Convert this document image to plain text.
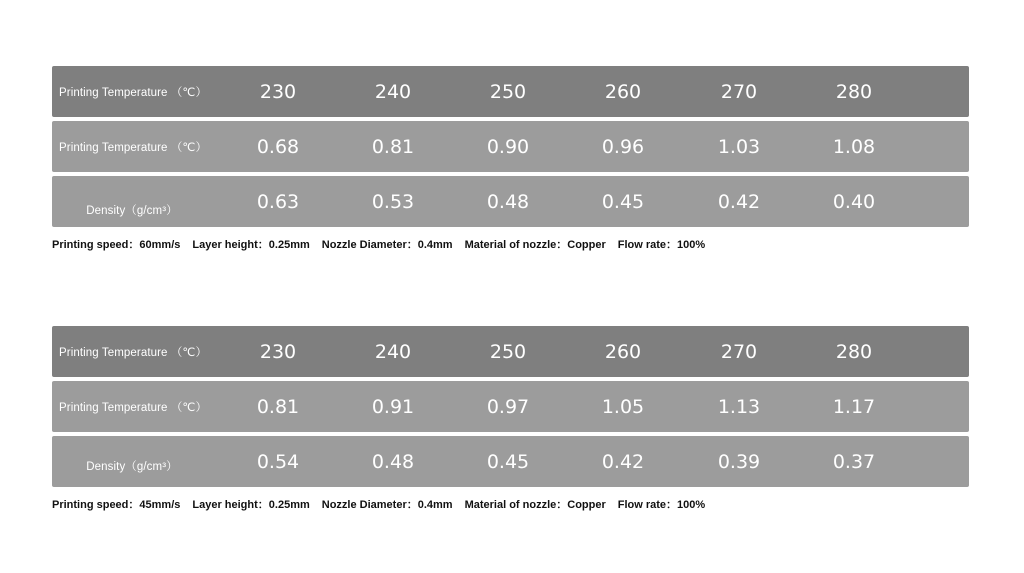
Printing Temperature （℃）	230	240	250	260	270	280
Printing Temperature （℃）	0.68	0.81	0.90	0.96	1.03	1.08
Density（g/cm³）	0.63	0.53	0.48	0.45	0.42	0.40
Printing speed：60mm/s Layer height：0.25mm Nozzle Diameter：0.4mm Material of nozzle：Copper Flow rate：100%
Printing Temperature （℃）	230	240	250	260	270	280
Printing Temperature （℃）	0.81	0.91	0.97	1.05	1.13	1.17
Density（g/cm³）	0.54	0.48	0.45	0.42	0.39	0.37
Printing speed：45mm/s Layer height：0.25mm Nozzle Diameter：0.4mm Material of nozzle：Copper Flow rate：100%
